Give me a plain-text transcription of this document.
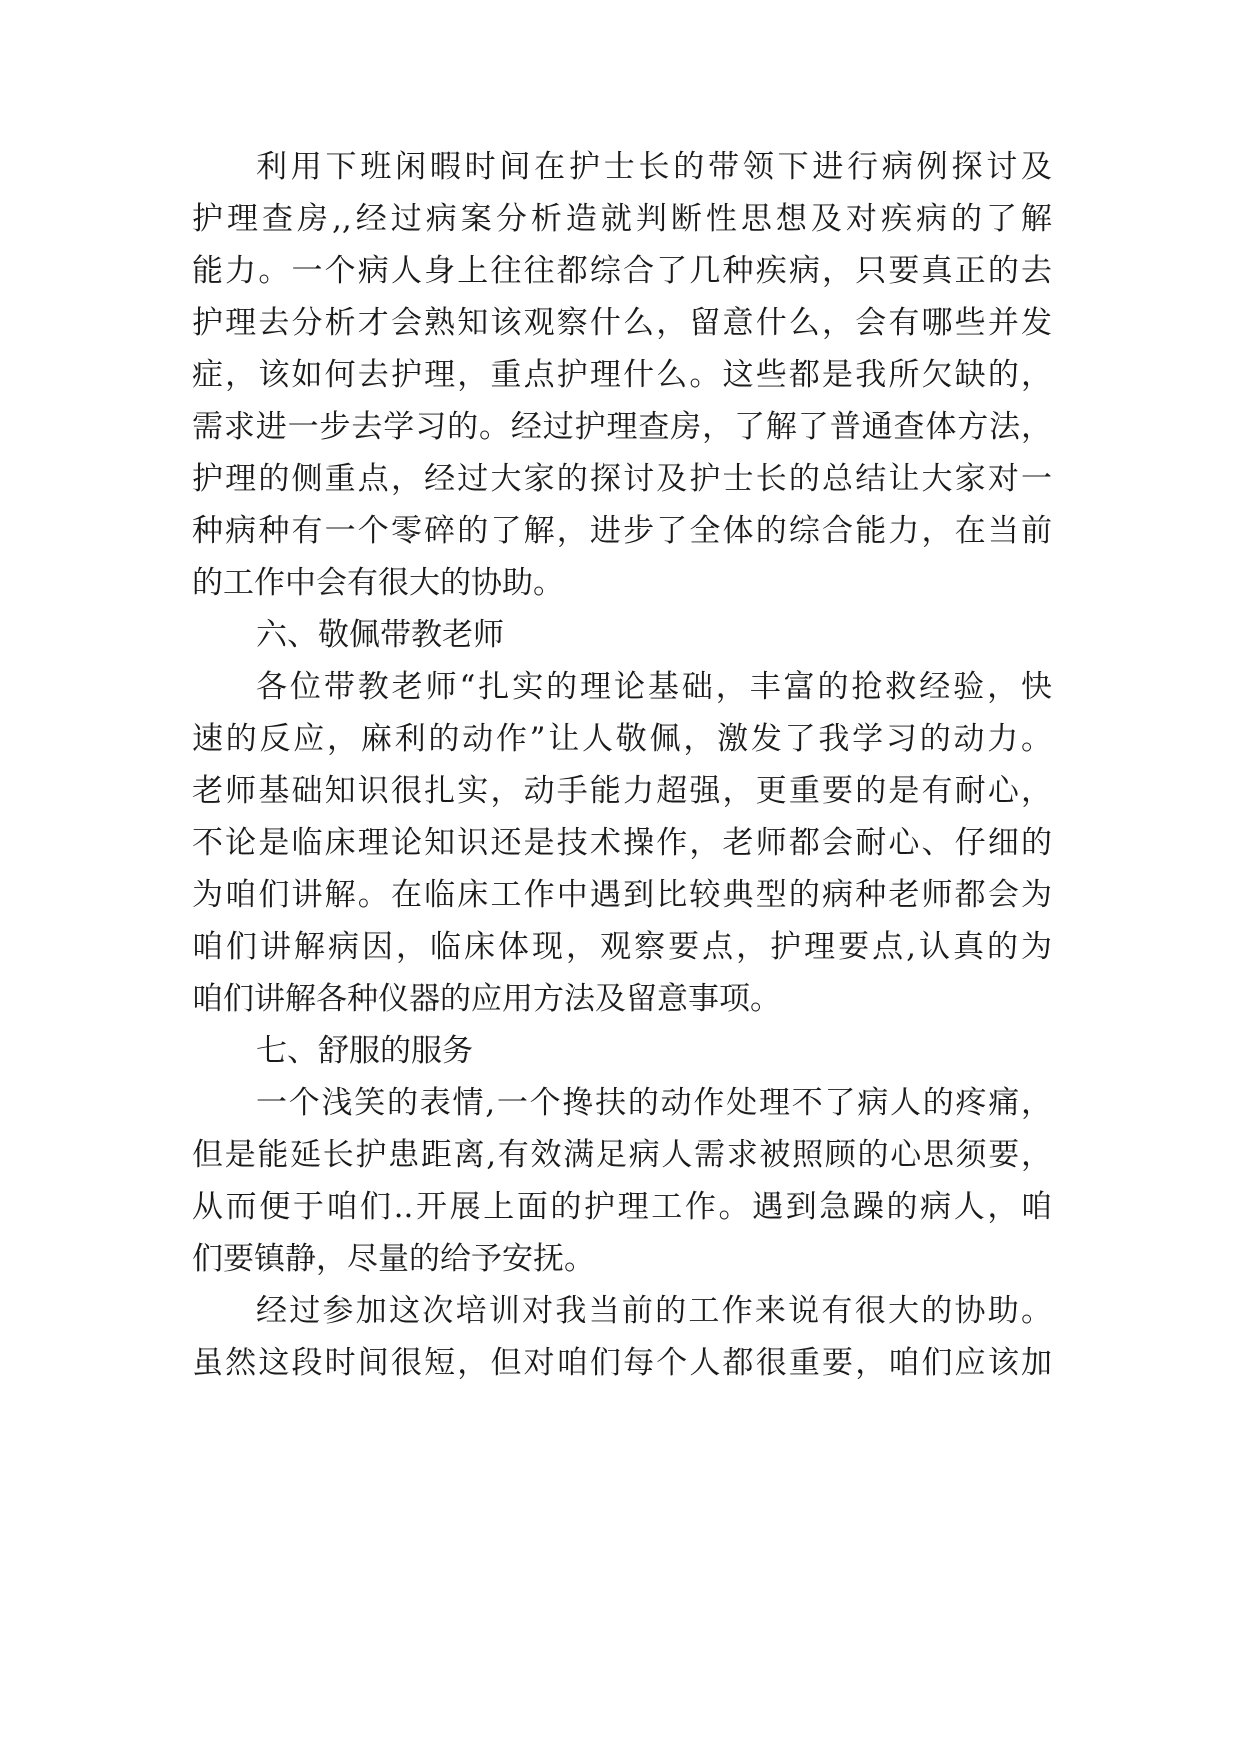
利用下班闲暇时间在护士长的带领下进行病例探讨及
护理查房,,经过病案分析造就判断性思想及对疾病的了解
能力。一个病人身上往往都综合了几种疾病，只要真正的去
护理去分析才会熟知该观察什么，留意什么，会有哪些并发
症，该如何去护理，重点护理什么。这些都是我所欠缺的，
需求进一步去学习的。经过护理查房，了解了普通查体方法，
护理的侧重点，经过大家的探讨及护士长的总结让大家对一
种病种有一个零碎的了解，进步了全体的综合能力，在当前
的工作中会有很大的协助。
六、敬佩带教老师
各位带教老师“扎实的理论基础，丰富的抢救经验，快
速的反应，麻利的动作”让人敬佩，激发了我学习的动力。
老师基础知识很扎实，动手能力超强，更重要的是有耐心，
不论是临床理论知识还是技术操作，老师都会耐心、仔细的
为咱们讲解。在临床工作中遇到比较典型的病种老师都会为
咱们讲解病因，临床体现，观察要点，护理要点,认真的为
咱们讲解各种仪器的应用方法及留意事项。
七、舒服的服务
一个浅笑的表情,一个搀扶的动作处理不了病人的疼痛，
但是能延长护患距离,有效满足病人需求被照顾的心思须要，
从而便于咱们..开展上面的护理工作。遇到急躁的病人，咱
们要镇静，尽量的给予安抚。
经过参加这次培训对我当前的工作来说有很大的协助。
虽然这段时间很短，但对咱们每个人都很重要，咱们应该加
